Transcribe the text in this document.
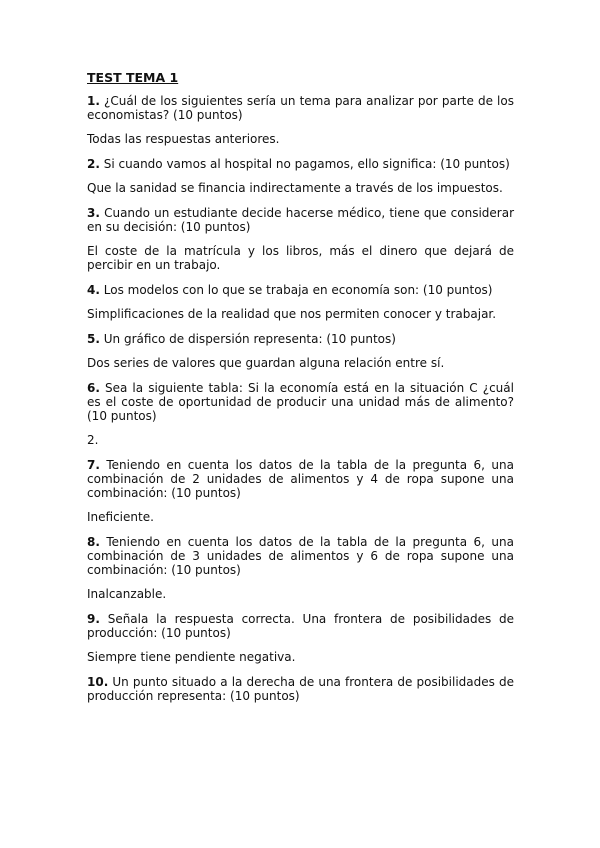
TEST TEMA 1

1. ¿Cuál de los siguientes sería un tema para analizar por parte de los economistas? (10 puntos)

Todas las respuestas anteriores.

2. Si cuando vamos al hospital no pagamos, ello significa: (10 puntos)

Que la sanidad se financia indirectamente a través de los impuestos.

3. Cuando un estudiante decide hacerse médico, tiene que considerar en su decisión: (10 puntos)

El coste de la matrícula y los libros, más el dinero que dejará de percibir en un trabajo.

4. Los modelos con lo que se trabaja en economía son: (10 puntos)

Simplificaciones de la realidad que nos permiten conocer y trabajar.

5. Un gráfico de dispersión representa: (10 puntos)

Dos series de valores que guardan alguna relación entre sí.

6. Sea la siguiente tabla: Si la economía está en la situación C ¿cuál es el coste de oportunidad de producir una unidad más de alimento? (10 puntos)

2.

7. Teniendo en cuenta los datos de la tabla de la pregunta 6, una combinación de 2 unidades de alimentos y 4 de ropa supone una combinación: (10 puntos)

Ineficiente.

8. Teniendo en cuenta los datos de la tabla de la pregunta 6, una combinación de 3 unidades de alimentos y 6 de ropa supone una combinación: (10 puntos)

Inalcanzable.

9. Señala la respuesta correcta. Una frontera de posibilidades de producción: (10 puntos)

Siempre tiene pendiente negativa.

10. Un punto situado a la derecha de una frontera de posibilidades de producción representa: (10 puntos)
